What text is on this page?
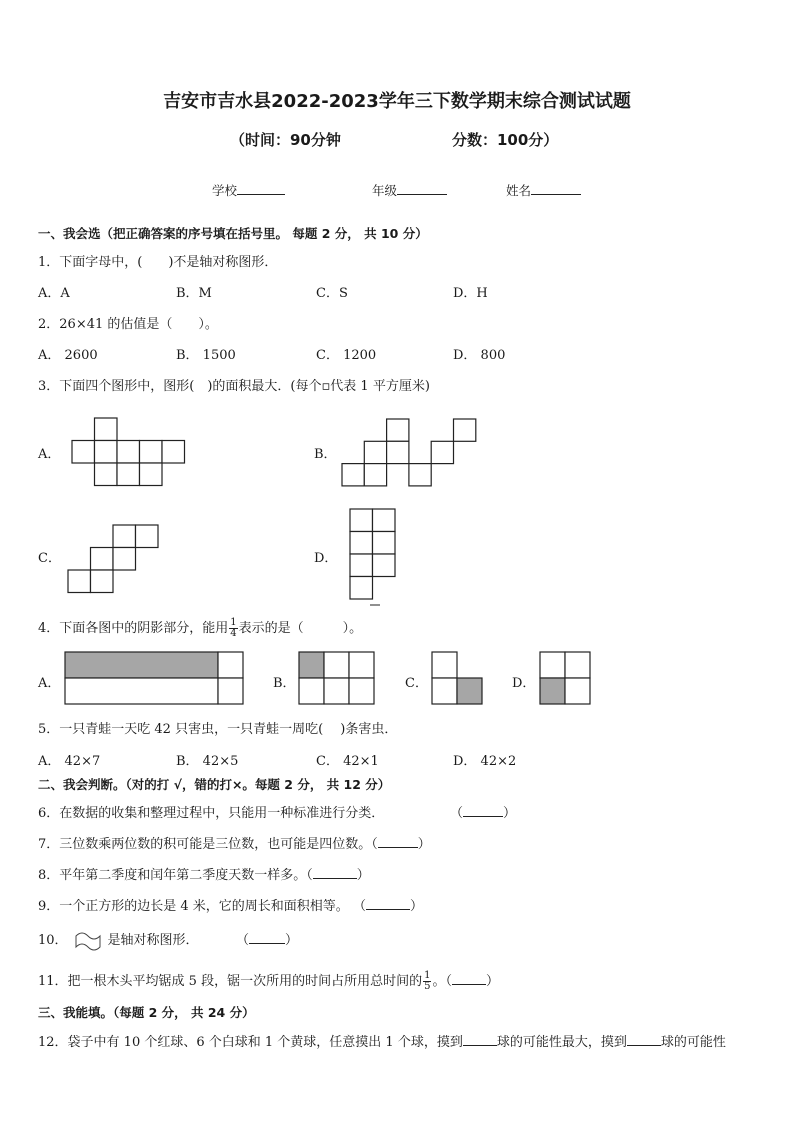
吉安市吉水县2022-2023学年三下数学期末综合测试试题
（时间：90分钟	分数：100分）
学校	年级	姓名
一、我会选（把正确答案的序号填在括号里。 每题 2 分， 共 10 分）
1．下面字母中，(　　)不是轴对称图形．
A．A	B．M	C．S	D．H
2．26×41 的估值是（　　）。
A． 2600	B． 1500	C． 1200	D． 800
3．下面四个图形中，图形(　)的面积最大．(每个▫代表 1 平方厘米)
A．	B．
C．	D．
4．下面各图中的阴影部分，能用 $\frac{1}{4}$ 表示的是（　　　）。
A．	B．	C．	D．
5．一只青蛙一天吃 42 只害虫，一只青蛙一周吃(　 )条害虫．
A． 42×7	B． 42×5	C． 42×1	D． 42×2
二、我会判断。（对的打 √，错的打×。每题 2 分， 共 12 分）
6．在数据的收集和整理过程中，只能用一种标准进行分类．	（	）
7．三位数乘两位数的积可能是三位数，也可能是四位数。（	）
8．平年第二季度和闰年第二季度天数一样多。（	）
9．一个正方形的边长是 4 米，它的周长和面积相等。 （	）
10．	是轴对称图形．	（	）
11．把一根木头平均锯成 5 段，锯一次所用的时间占所用总时间的 $\frac{1}{5}$ 。（	）
三、我能填。（每题 2 分， 共 24 分）
12．袋子中有 10 个红球、6 个白球和 1 个黄球，任意摸出 1 个球，摸到	球的可能性最大，摸到	球的可能性
